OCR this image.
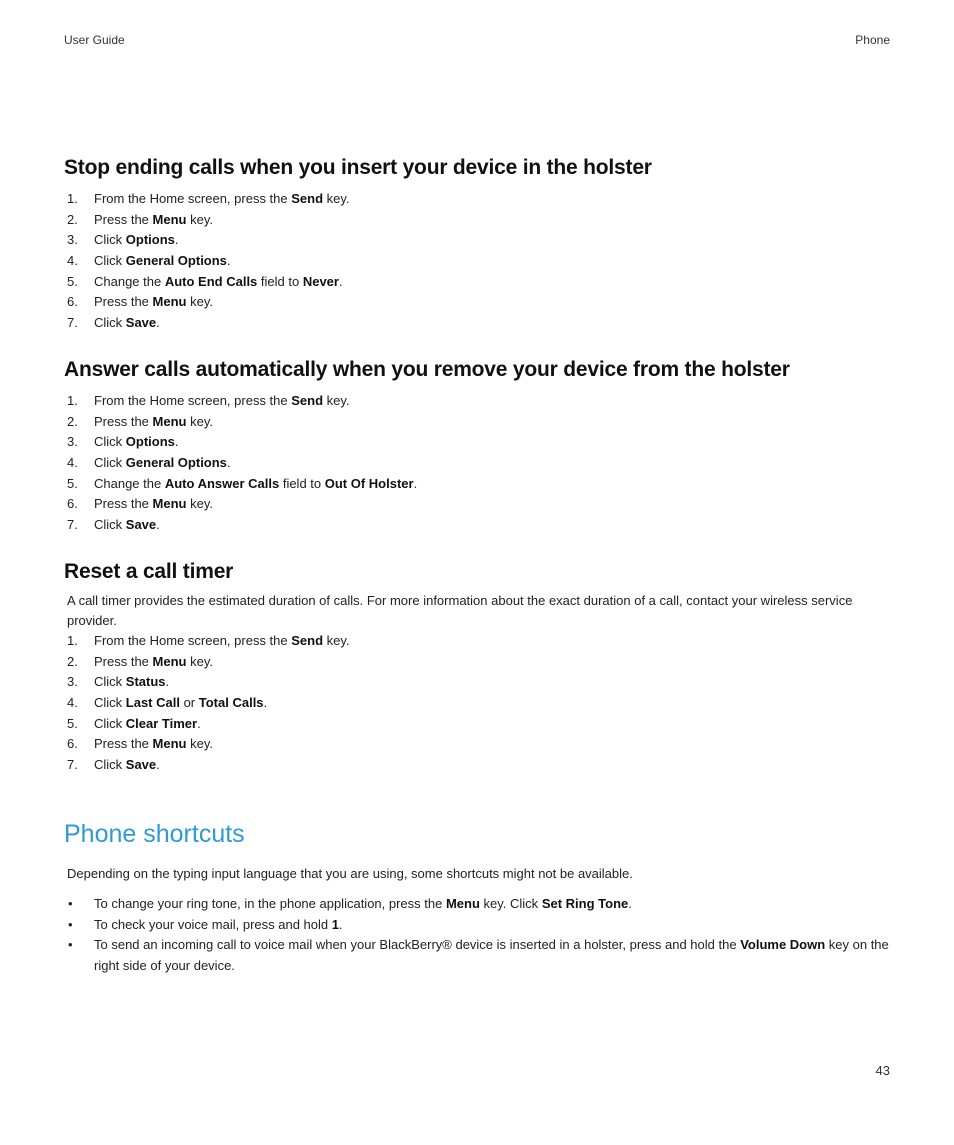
User Guide	Phone
Stop ending calls when you insert your device in the holster
1. From the Home screen, press the Send key.
2. Press the Menu key.
3. Click Options.
4. Click General Options.
5. Change the Auto End Calls field to Never.
6. Press the Menu key.
7. Click Save.
Answer calls automatically when you remove your device from the holster
1. From the Home screen, press the Send key.
2. Press the Menu key.
3. Click Options.
4. Click General Options.
5. Change the Auto Answer Calls field to Out Of Holster.
6. Press the Menu key.
7. Click Save.
Reset a call timer

A call timer provides the estimated duration of calls. For more information about the exact duration of a call, contact your wireless service provider.

1. From the Home screen, press the Send key.
2. Press the Menu key.
3. Click Status.
4. Click Last Call or Total Calls.
5. Click Clear Timer.
6. Press the Menu key.
7. Click Save.
Phone shortcuts

Depending on the typing input language that you are using, some shortcuts might not be available.

• To change your ring tone, in the phone application, press the Menu key. Click Set Ring Tone.
• To check your voice mail, press and hold 1.
• To send an incoming call to voice mail when your BlackBerry® device is inserted in a holster, press and hold the Volume Down key on the right side of your device.
43
